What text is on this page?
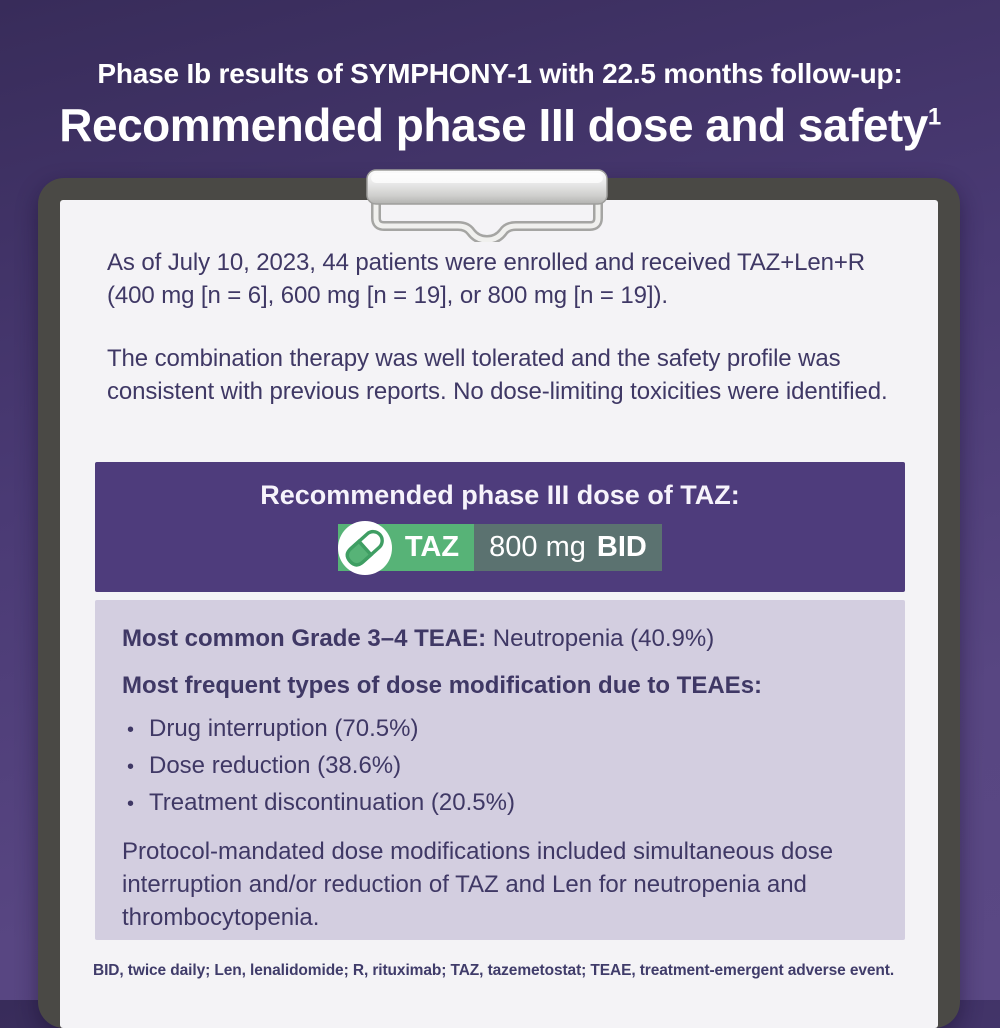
Phase Ib results of SYMPHONY-1 with 22.5 months follow-up:
Recommended phase III dose and safety$^1$
As of July 10, 2023, 44 patients were enrolled and received TAZ+Len+R (400 mg [n = 6], 600 mg [n = 19], or 800 mg [n = 19]).
The combination therapy was well tolerated and the safety profile was consistent with previous reports. No dose-limiting toxicities were identified.
Recommended phase III dose of TAZ:
TAZ	800 mg BID
Most common Grade 3–4 TEAE: Neutropenia (40.9%)
Most frequent types of dose modification due to TEAEs:
• Drug interruption (70.5%)
• Dose reduction (38.6%)
• Treatment discontinuation (20.5%)
Protocol-mandated dose modifications included simultaneous dose interruption and/or reduction of TAZ and Len for neutropenia and thrombocytopenia.
BID, twice daily; Len, lenalidomide; R, rituximab; TAZ, tazemetostat; TEAE, treatment-emergent adverse event.
